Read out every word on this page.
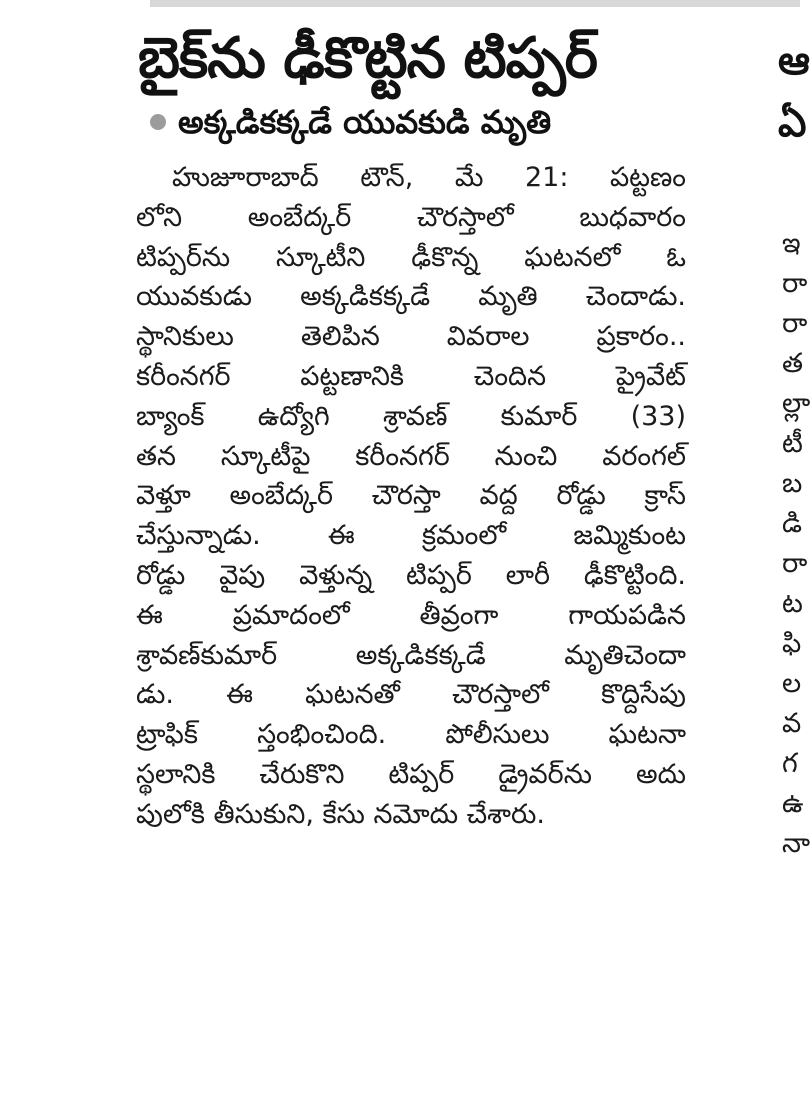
బైక్‌ను ఢీకొట్టిన టిప్పర్
అక్కడికక్కడే యువకుడి మృతి
హుజూరాబాద్ టౌన్, మే 21: పట్టణం
లోని అంబేద్కర్ చౌరస్తాలో బుధవారం
టిప్పర్‌ను స్కూటీని ఢీకొన్న ఘటనలో ఓ
యువకుడు అక్కడికక్కడే మృతి చెందాడు.
స్థానికులు తెలిపిన వివరాల ప్రకారం..
కరీంనగర్ పట్టణానికి చెందిన ప్రైవేట్
బ్యాంక్ ఉద్యోగి శ్రావణ్ కుమార్ (33)
తన స్కూటీపై కరీంనగర్ నుంచి వరంగల్
వెళ్తూ అంబేద్కర్ చౌరస్తా వద్ద రోడ్డు క్రాస్
చేస్తున్నాడు. ఈ క్రమంలో జమ్మికుంట
రోడ్డు వైపు వెళ్తున్న టిప్పర్ లారీ ఢీకొట్టింది.
ఈ ప్రమాదంలో తీవ్రంగా గాయపడిన
శ్రావణ్‌కుమార్ అక్కడికక్కడే మృతిచెందా
డు. ఈ ఘటనతో చౌరస్తాలో కొద్దిసేపు
ట్రాఫిక్ స్తంభించింది. పోలీసులు ఘటనా
స్థలానికి చేరుకొని టిప్పర్ డ్రైవర్‌ను అదు
పులోకి తీసుకుని, కేసు నమోదు చేశారు.
ఆ
ఏ
ఇ
రా
రా
త
ల్లా
టీ
బ
డి
రా
ట
ఫి
ల
వ
గ
ఉ
నా
